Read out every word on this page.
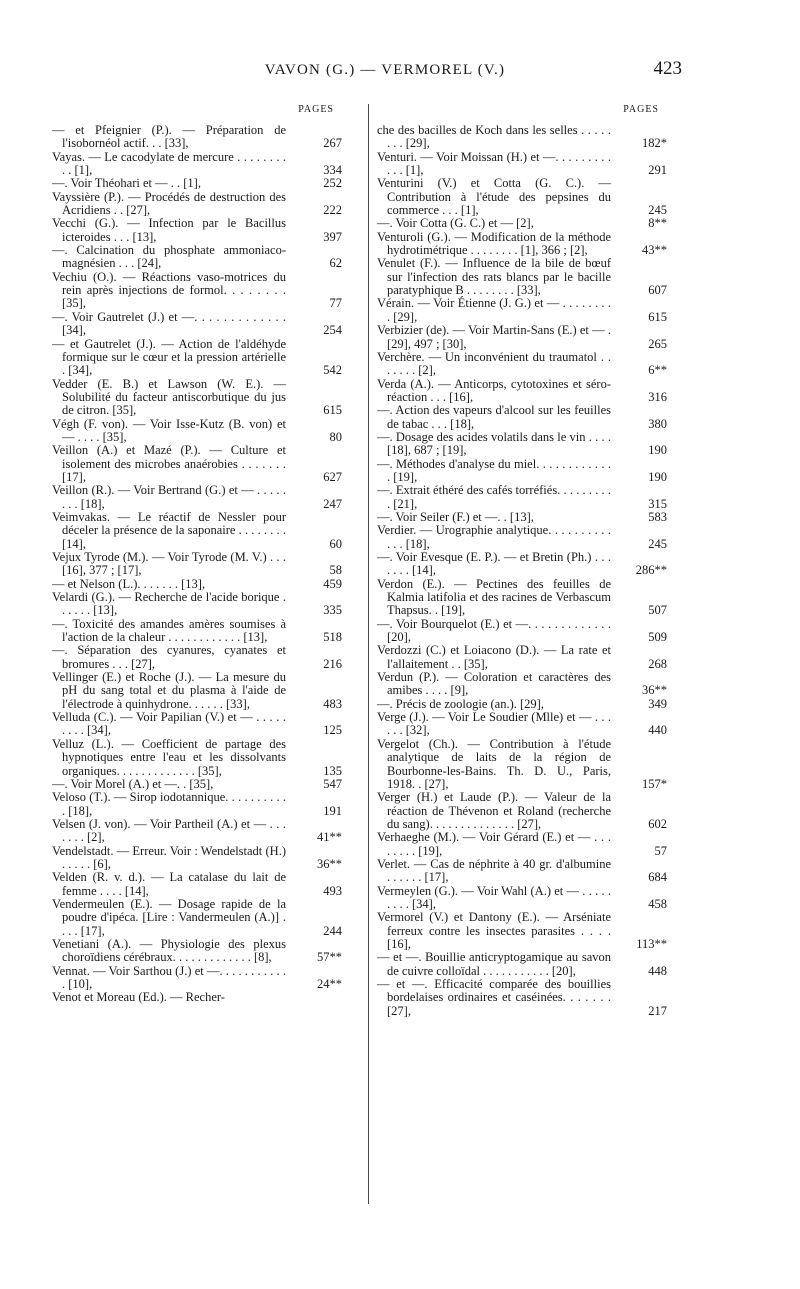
VAVON (G.) — VERMOREL (V.)	423
PAGES
— et Pfeignier (P.). — Préparation de l'isobornéol actif. . . [33],	267
Vayas. — Le cacodylate de mercure . . . . . . . . . . [1],	334
—. Voir Théohari et — . . [1],	252
Vayssière (P.). — Procédés de destruction des Acridiens . . [27],	222
Vecchi (G.). — Infection par le Bacillus icteroides . . . [13],	397
—. Calcination du phosphate ammoniaco-magnésien . . . [24],	62
Vechiu (O.). — Réactions vaso-motrices du rein après injections de formol. . . . . . . . [35],	77
—. Voir Gautrelet (J.) et —. . . . . . . . . . . . . [34],	254
— et Gautrelet (J.). — Action de l'aldéhyde formique sur le cœur et la pression artérielle . [34],	542
Vedder (E. B.) et Lawson (W. E.). — Solubilité du facteur antiscorbutique du jus de citron. [35],	615
Végh (F. von). — Voir Isse-Kutz (B. von) et — . . . . [35],	80
Veillon (A.) et Mazé (P.). — Culture et isolement des microbes anaérobies . . . . . . . [17],	627
Veillon (R.). — Voir Bertrand (G.) et — . . . . . . . . [18],	247
Veimvakas. — Le réactif de Nessler pour déceler la présence de la saponaire . . . . . . . . [14],	60
Vejux Tyrode (M.). — Voir Tyrode (M. V.) . . . [16], 377 ; [17],	58
— et Nelson (L.). . . . . . . [13],	459
Velardi (G.). — Recherche de l'acide borique . . . . . . [13],	335
—. Toxicité des amandes amères soumises à l'action de la chaleur . . . . . . . . . . . . [13],	518
—. Séparation des cyanures, cyanates et bromures . . . [27],	216
Vellinger (E.) et Roche (J.). — La mesure du pH du sang total et du plasma à l'aide de l'électrode à quinhydrone. . . . . . [33],	483
Velluda (C.). — Voir Papilian (V.) et — . . . . . . . . . [34],	125
Velluz (L.). — Coefficient de partage des hypnotiques entre l'eau et les dissolvants organiques. . . . . . . . . . . . . [35],	135
—. Voir Morel (A.) et —. . [35],	547
Veloso (T.). — Sirop iodotannique. . . . . . . . . . . [18],	191
Velsen (J. von). — Voir Partheil (A.) et — . . . . . . . [2],	41**
Vendelstadt. — Erreur. Voir : Wendelstadt (H.) . . . . . [6],	36**
Velden (R. v. d.). — La catalase du lait de femme . . . . [14],	493
Vendermeulen (E.). — Dosage rapide de la poudre d'ipéca. [Lire : Vandermeulen (A.)] . . . . [17],	244
Venetiani (A.). — Physiologie des plexus choroïdiens cérébraux. . . . . . . . . . . . . [8],	57**
Vennat. — Voir Sarthou (J.) et —. . . . . . . . . . . . [10],	24**
Venot et Moreau (Ed.). — Recher-
PAGES
che des bacilles de Koch dans les selles . . . . . . . . [29],	182*
Venturi. — Voir Moissan (H.) et —. . . . . . . . . . . . [1],	291
Venturini (V.) et Cotta (G. C.). — Contribution à l'étude des pepsines du commerce . . . [1],	245
—. Voir Cotta (G. C.) et — [2],	8**
Venturoli (G.). — Modification de la méthode hydrotimétrique . . . . . . . . [1], 366 ; [2],	43**
Venulet (F.). — Influence de la bile de bœuf sur l'infection des rats blancs par le bacille paratyphique B . . . . . . . . [33],	607
Vérain. — Voir Étienne (J. G.) et — . . . . . . . . . [29],	615
Verbizier (de). — Voir Martin-Sans (E.) et — . [29], 497 ; [30],	265
Verchère. — Un inconvénient du traumatol . . . . . . . [2],	6**
Verda (A.). — Anticorps, cytotoxines et séro-réaction . . . [16],	316
—. Action des vapeurs d'alcool sur les feuilles de tabac . . . [18],	380
—. Dosage des acides volatils dans le vin . . . . [18], 687 ; [19],	190
—. Méthodes d'analyse du miel. . . . . . . . . . . . . [19],	190
—. Extrait éthéré des cafés torréfiés. . . . . . . . . . [21],	315
—. Voir Seiler (F.) et —. . [13],	583
Verdier. — Urographie analytique. . . . . . . . . . . . . [18],	245
—. Voir Evesque (E. P.). — et Bretin (Ph.) . . . . . . . [14],	286**
Verdon (E.). — Pectines des feuilles de Kalmia latifolia et des racines de Verbascum Thapsus. . [19],	507
—. Voir Bourquelot (E.) et —. . . . . . . . . . . . . [20],	509
Verdozzi (C.) et Loiacono (D.). — La rate et l'allaitement . . [35],	268
Verdun (P.). — Coloration et caractères des amibes . . . . [9],	36**
—. Précis de zoologie (an.). [29],	349
Verge (J.). — Voir Le Soudier (Mlle) et — . . . . . . [32],	440
Vergelot (Ch.). — Contribution à l'étude analytique de laits de la région de Bourbonne-les-Bains. Th. D. U., Paris, 1918. . [27],	157*
Verger (H.) et Laude (P.). — Valeur de la réaction de Thévenon et Roland (recherche du sang). . . . . . . . . . . . . . [27],	602
Verhaeghe (M.). — Voir Gérard (E.) et — . . . . . . . . [19],	57
Verlet. — Cas de néphrite à 40 gr. d'albumine . . . . . . [17],	684
Vermeylen (G.). — Voir Wahl (A.) et — . . . . . . . . . [34],	458
Vermorel (V.) et Dantony (E.). — Arséniate ferreux contre les insectes parasites . . . . [16],	113**
— et —. Bouillie anticryptogamique au savon de cuivre colloïdal . . . . . . . . . . . [20],	448
— et —. Efficacité comparée des bouillies bordelaises ordinaires et caséinées. . . . . . . [27],	217
